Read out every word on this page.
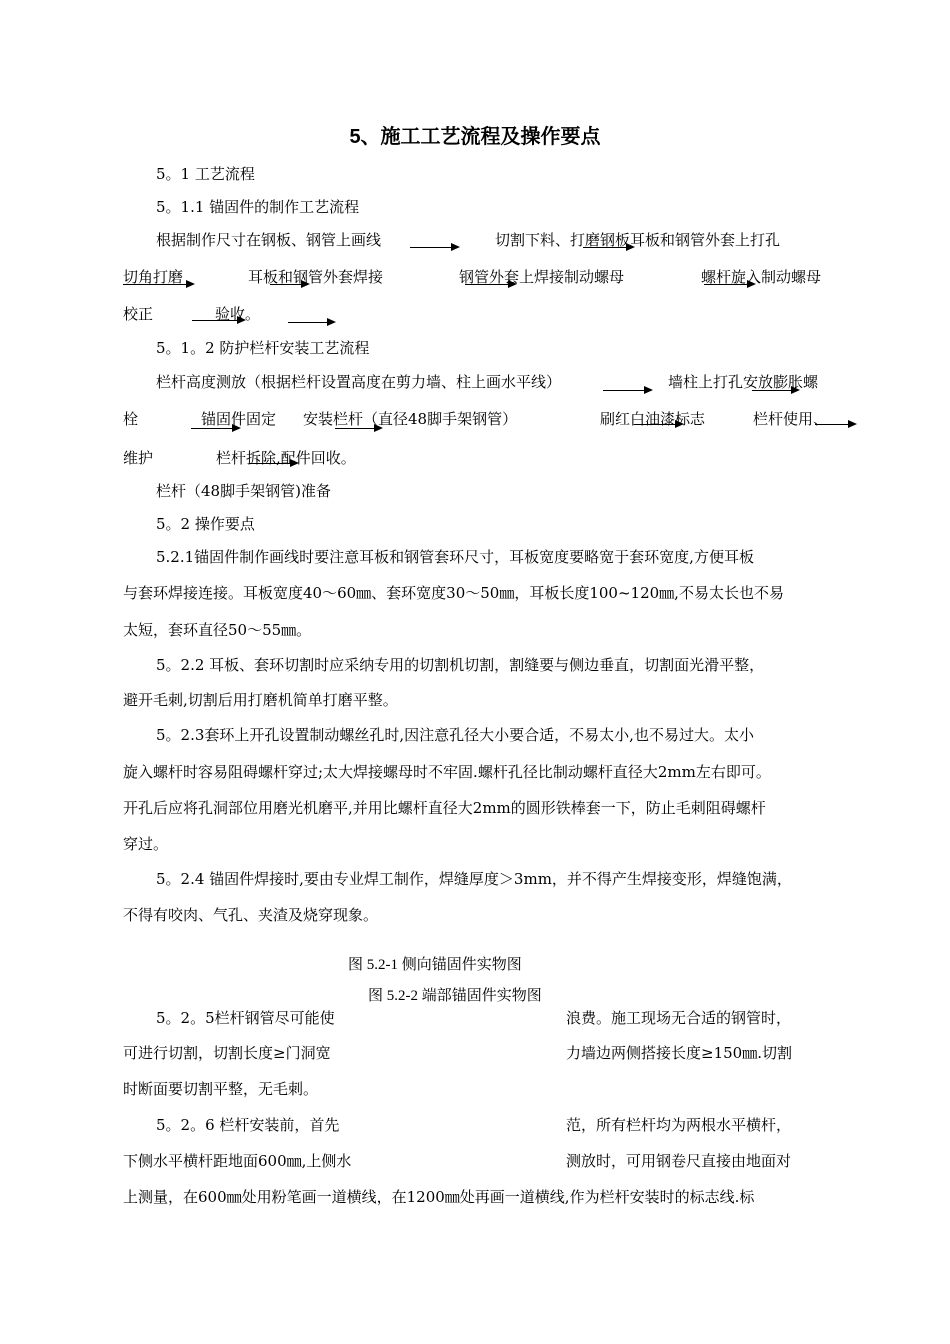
5、施工工艺流程及操作要点
5。1 工艺流程
5。1.1 锚固件的制作工艺流程
根据制作尺寸在钢板、钢管上画线	切割下料、打磨钢板耳板和钢管外套上打孔
切角打磨	耳板和钢管外套焊接	钢管外套上焊接制动螺母	螺杆旋入制动螺母
校正	验收。
5。1。2 防护栏杆安装工艺流程
栏杆高度测放（根据栏杆设置高度在剪力墙、柱上画水平线）	墙柱上打孔安放膨胀螺
栓	锚固件固定 安装栏杆（直径48脚手架钢管）	刷红白油漆标志	栏杆使用、
维护	栏杆拆除,配件回收。
栏杆（48脚手架钢管)准备
5。2 操作要点
5.2.1锚固件制作画线时要注意耳板和钢管套环尺寸，耳板宽度要略宽于套环宽度,方便耳板
与套环焊接连接。耳板宽度40～60㎜、套环宽度30～50㎜，耳板长度100~120㎜,不易太长也不易
太短，套环直径50～55㎜。
5。2.2 耳板、套环切割时应采纳专用的切割机切割，割缝要与侧边垂直，切割面光滑平整，
避开毛刺,切割后用打磨机简单打磨平整。
5。2.3套环上开孔设置制动螺丝孔时,因注意孔径大小要合适，不易太小,也不易过大。太小
旋入螺杆时容易阻碍螺杆穿过;太大焊接螺母时不牢固.螺杆孔径比制动螺杆直径大2mm左右即可。
开孔后应将孔洞部位用磨光机磨平,并用比螺杆直径大2mm的圆形铁棒套一下，防止毛刺阻碍螺杆
穿过。
5。2.4 锚固件焊接时,要由专业焊工制作，焊缝厚度＞3mm，并不得产生焊接变形，焊缝饱满，
不得有咬肉、气孔、夹渣及烧穿现象。
图 5.2-1 侧向锚固件实物图
图 5.2-2 端部锚固件实物图
5。2。5栏杆钢管尽可能使	浪费。施工现场无合适的钢管时，
可进行切割，切割长度≥门洞宽	力墙边两侧搭接长度≥150㎜.切割
时断面要切割平整，无毛刺。
5。2。6 栏杆安装前，首先	范，所有栏杆均为两根水平横杆，
下侧水平横杆距地面600㎜,上侧水	测放时，可用钢卷尺直接由地面对
上测量，在600㎜处用粉笔画一道横线，在1200㎜处再画一道横线,作为栏杆安装时的标志线.标
